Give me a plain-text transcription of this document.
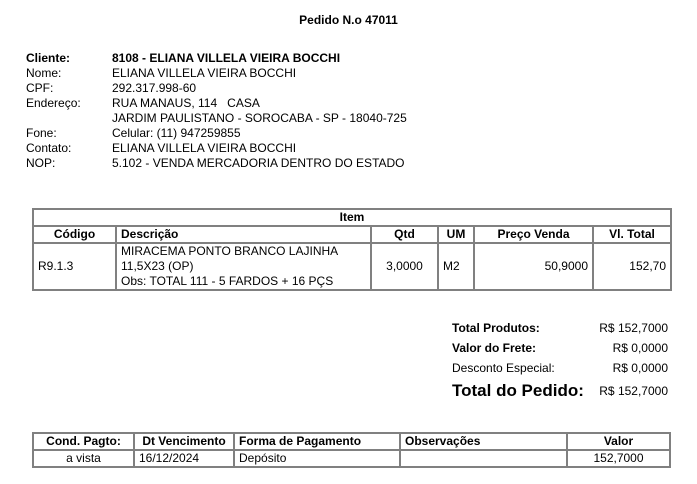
Pedido N.o 47011
Cliente:	8108 - ELIANA VILLELA VIEIRA BOCCHI
Nome:	ELIANA VILLELA VIEIRA BOCCHI
CPF:	292.317.998-60
Endereço:	RUA MANAUS, 114   CASA
	JARDIM PAULISTANO - SOROCABA - SP - 18040-725
Fone:	Celular: (11) 947259855
Contato:	ELIANA VILLELA VIEIRA BOCCHI
NOP:	5.102 - VENDA MERCADORIA DENTRO DO ESTADO
Item					
Código	Descrição	Qtd	UM	Preço Venda	Vl. Total
R9.1.3	MIRACEMA PONTO BRANCO LAJINHA
11,5X23 (OP)
Obs: TOTAL 111 - 5 FARDOS + 16 PÇS	3,0000	M2	50,9000	152,70
Total Produtos:	R$ 152,7000
Valor do Frete:	R$ 0,0000
Desconto Especial:	R$ 0,0000
Total do Pedido:	R$ 152,7000
Cond. Pagto:	Dt Vencimento	Forma de Pagamento	Observações	Valor
a vista	16/12/2024	Depósito		152,7000
